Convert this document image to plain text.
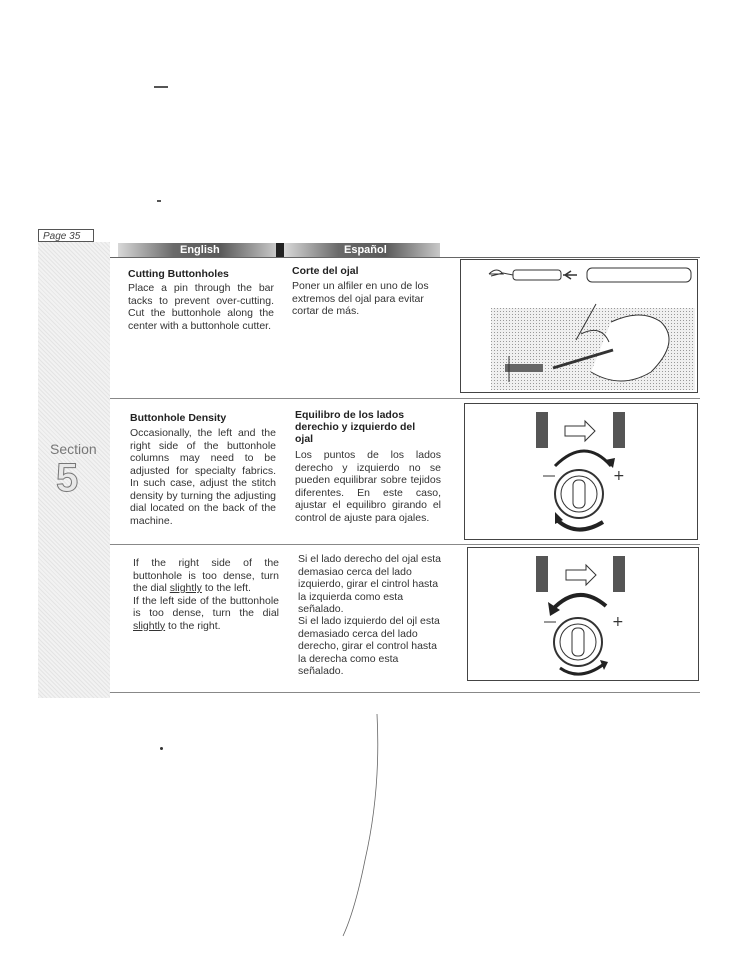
Page 35
Section
5
English	Español
Cutting Buttonholes
Place a pin through the bar tacks to prevent over-cutting. Cut the buttonhole along the center with a buttonhole cutter.
Corte del ojal
Poner un alfiler en uno de los extremos del ojal para evitar cortar de más.
Buttonhole Density
Occasionally, the left and the right side of the buttonhole columns may need to be adjusted for specialty fabrics. In such case, adjust the stitch density by turning the adjusting dial located on the back of the machine.
Equilibro de los lados derechio y izquierdo del ojal
Los puntos de los lados derecho y izquierdo no se pueden equilibrar sobre tejidos diferentes. En este caso, ajustar el equilibro girando el control de ajuste para ojales.
+
If the right side of the buttonhole is too dense, turn the dial slightly to the left.
If the left side of the buttonhole is too dense, turn the dial slightly to the right.
Si el lado derecho del ojal esta demasiao cerca del lado izquierdo, girar el cintrol hasta la izquierda como esta señalado.
Si el lado izquierdo del ojl esta demasiado cerca del lado derecho, girar el control hasta la derecha como esta señalado.
+
